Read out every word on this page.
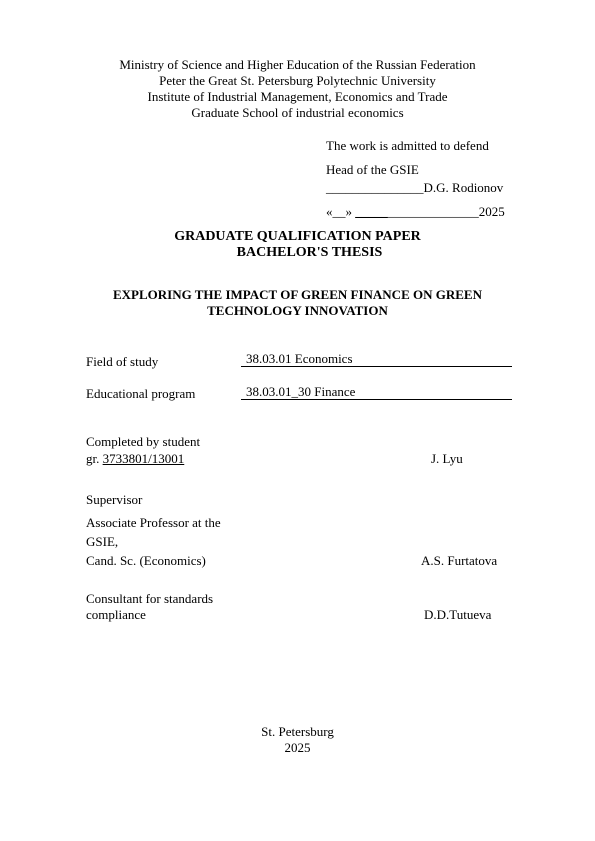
Ministry of Science and Higher Education of the Russian Federation
Peter the Great St. Petersburg Polytechnic University
Institute of Industrial Management, Economics and Trade
Graduate School of industrial economics
The work is admitted to defend
Head of the GSIE
_______________D.G. Rodionov
«__» ___________________2025
GRADUATE QUALIFICATION PAPER
BACHELOR'S THESIS
EXPLORING THE IMPACT OF GREEN FINANCE ON GREEN
TECHNOLOGY INNOVATION
Field of study	38.03.01 Economics
Educational program	38.03.01_30 Finance
Completed by student
gr. 3733801/13001	J. Lyu
Supervisor
Associate Professor at the
GSIE,
Cand. Sc. (Economics)	A.S. Furtatova
Consultant for standards
compliance	D.D.Tutueva
St. Petersburg
2025
